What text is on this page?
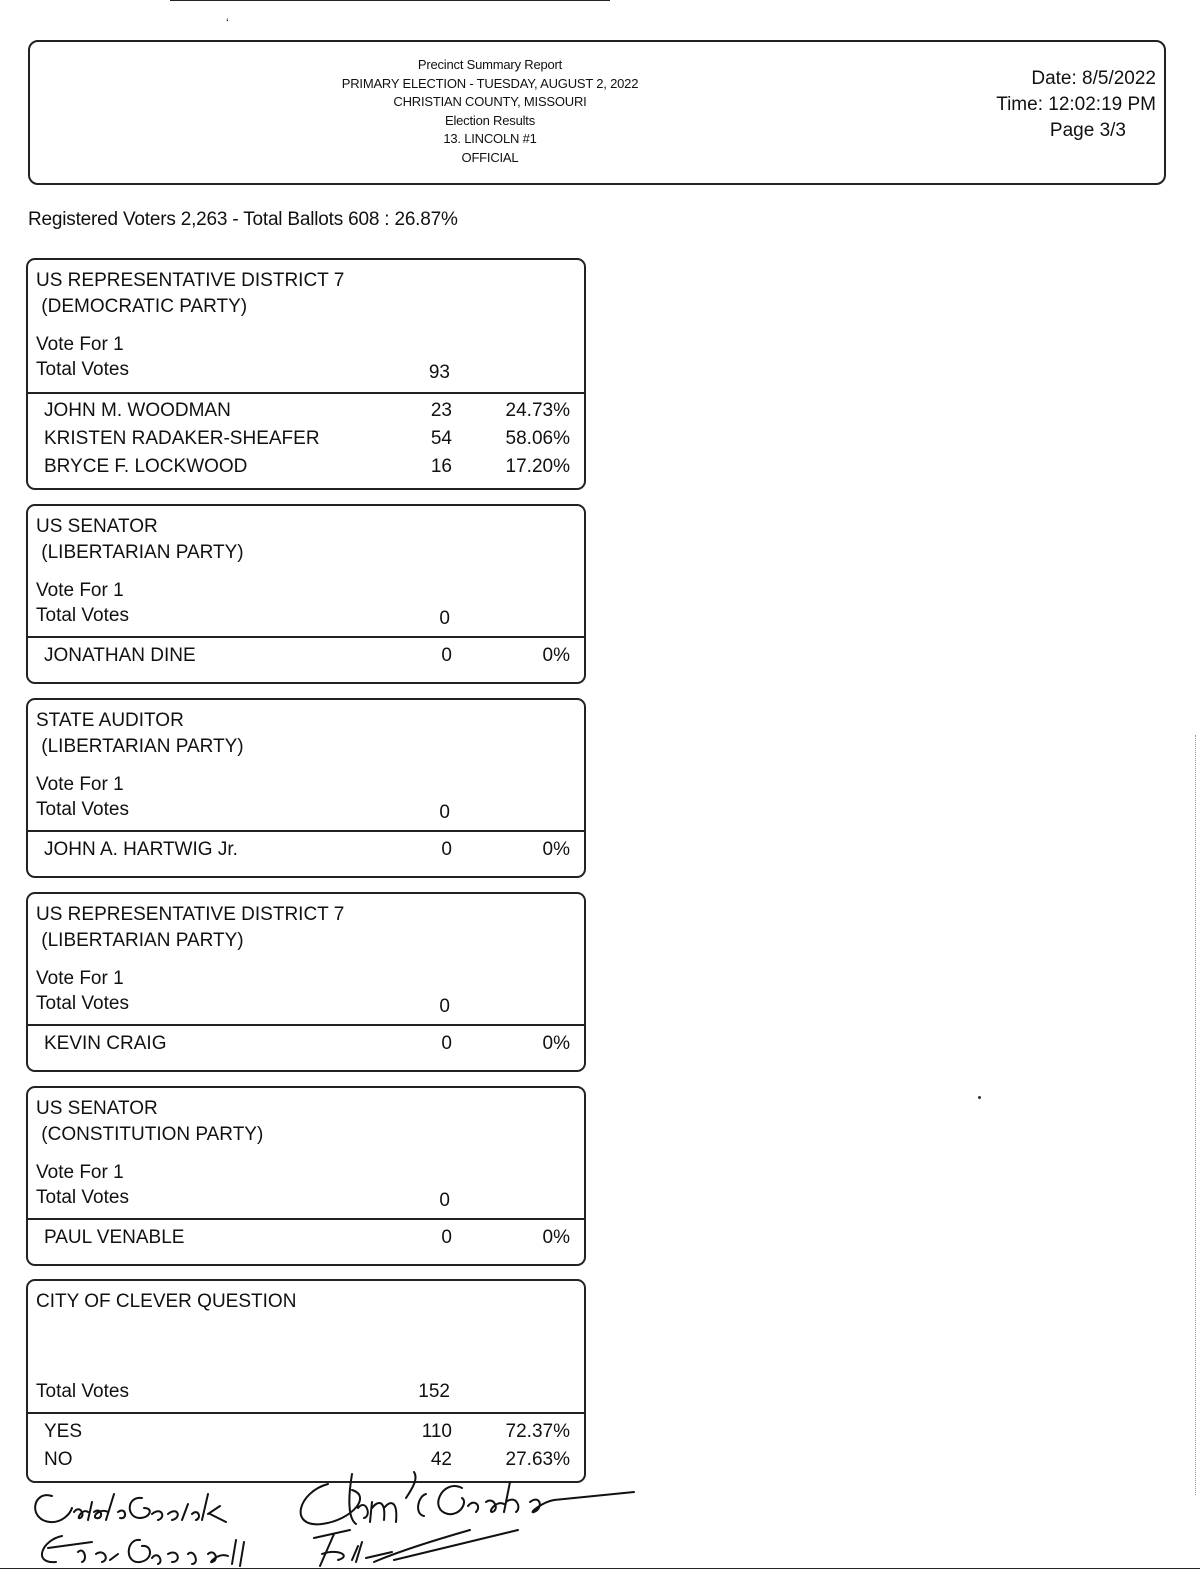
‘
Precinct Summary Report
PRIMARY ELECTION - TUESDAY, AUGUST 2, 2022
CHRISTIAN COUNTY, MISSOURI
Election Results
13. LINCOLN #1
OFFICIAL
Date: 8/5/2022
Time: 12:02:19 PM
Page 3/3
Registered Voters 2,263 - Total Ballots 608 : 26.87%
US REPRESENTATIVE DISTRICT 7
(DEMOCRATIC PARTY)
Vote For 1
Total Votes	93
JOHN M. WOODMAN	23	24.73%
KRISTEN RADAKER-SHEAFER	54	58.06%
BRYCE F. LOCKWOOD	16	17.20%
US SENATOR
(LIBERTARIAN PARTY)
Vote For 1
Total Votes	0
JONATHAN DINE	0	0%
STATE AUDITOR
(LIBERTARIAN PARTY)
Vote For 1
Total Votes	0
JOHN A. HARTWIG Jr.	0	0%
US REPRESENTATIVE DISTRICT 7
(LIBERTARIAN PARTY)
Vote For 1
Total Votes	0
KEVIN CRAIG	0	0%
US SENATOR
(CONSTITUTION PARTY)
Vote For 1
Total Votes	0
PAUL VENABLE	0	0%
CITY OF CLEVER QUESTION
Total Votes	152
YES	110	72.37%
NO	42	27.63%
